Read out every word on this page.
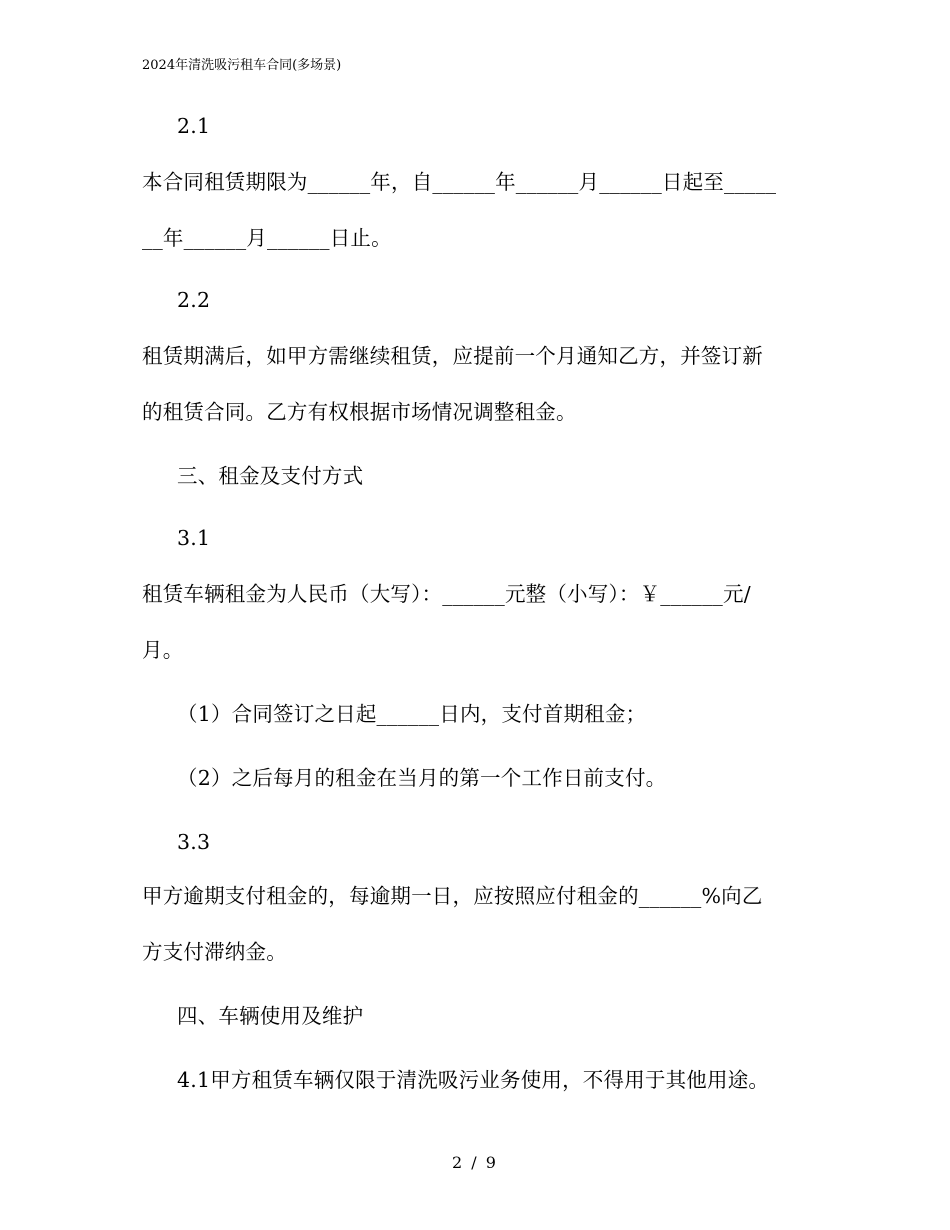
2024年清洗吸污租车合同(多场景)
2.1
本合同租赁期限为______年，自______年______月______日起至_____
__年______月______日止。
2.2
租赁期满后，如甲方需继续租赁，应提前一个月通知乙方，并签订新
的租赁合同。乙方有权根据市场情况调整租金。
三、租金及支付方式
3.1
租赁车辆租金为人民币（大写）：______元整（小写）：￥______元/
月。
（1）合同签订之日起______日内，支付首期租金；
（2）之后每月的租金在当月的第一个工作日前支付。
3.3
甲方逾期支付租金的，每逾期一日，应按照应付租金的______%向乙
方支付滞纳金。
四、车辆使用及维护
4.1甲方租赁车辆仅限于清洗吸污业务使用，不得用于其他用途。
2 / 9
